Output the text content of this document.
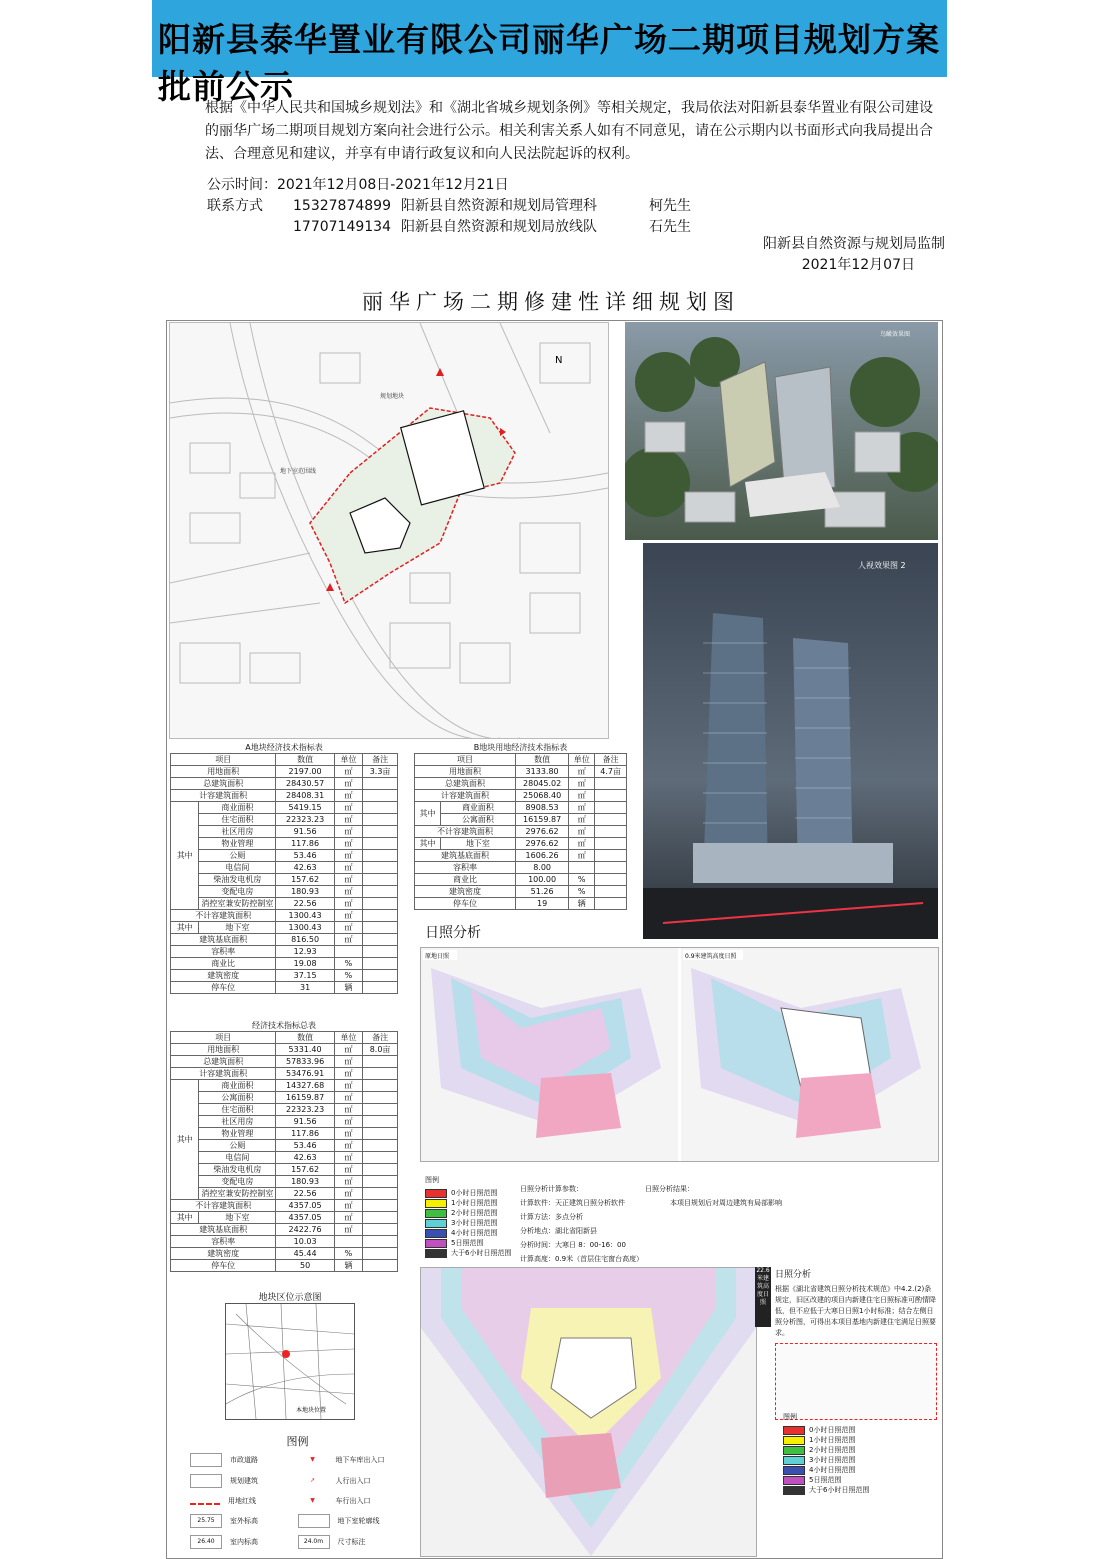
阳新县泰华置业有限公司丽华广场二期项目规划方案批前公示

根据《中华人民共和国城乡规划法》和《湖北省城乡规划条例》等相关规定，我局依法对阳新县泰华置业有限公司建设的丽华广场二期项目规划方案向社会进行公示。相关利害关系人如有不同意见，请在公示期内以书面形式向我局提出合法、合理意见和建议，并享有申请行政复议和向人民法院起诉的权利。

公示时间：2021年12月08日-2021年12月21日
联系方式 15327874899 阳新县自然资源和规划局管理科	柯先生
17707149134 阳新县自然资源和规划局放线队	石先生
阳新县自然资源与规划局监制
2021年12月07日
丽华广场二期修建性详细规划图
N
地下室范围线
规划地块
鸟瞰效果图
人视效果图 2
A地块经济技术指标表
项目		数值	单位	备注
用地面积		2197.00	㎡	3.3亩
总建筑面积		28430.57	㎡	
计容建筑面积		28408.31	㎡	
其中	商业面积	5419.15	㎡	
	住宅面积	22323.23	㎡	
	社区用房	91.56	㎡	
	物业管理	117.86	㎡	
	公厕	53.46	㎡	
	电信间	42.63	㎡	
	柴油发电机房	157.62	㎡	
	变配电房	180.93	㎡	
	消控室兼安防控制室	22.56	㎡	
不计容建筑面积		1300.43	㎡	
其中	地下室	1300.43	㎡	
建筑基底面积		816.50	㎡	
容积率		12.93		
商业比		19.08	%	
建筑密度		37.15	%	
停车位		31	辆	
B地块用地经济技术指标表
项目		数值	单位	备注
用地面积		3133.80	㎡	4.7亩
总建筑面积		28045.02	㎡	
计容建筑面积		25068.40	㎡	
其中	商业面积	8908.53	㎡	
	公寓面积	16159.87	㎡	
不计容建筑面积		2976.62	㎡	
其中	地下室	2976.62	㎡	
建筑基底面积		1606.26	㎡	
容积率		8.00		
商业比		100.00	%	
建筑密度		51.26	%	
停车位		19	辆	
经济技术指标总表
项目		数值	单位	备注
用地面积		5331.40	㎡	8.0亩
总建筑面积		57833.96	㎡	
计容建筑面积		53476.91	㎡	
其中	商业面积	14327.68	㎡	
	公寓面积	16159.87	㎡	
	住宅面积	22323.23	㎡	
	社区用房	91.56	㎡	
	物业管理	117.86	㎡	
	公厕	53.46	㎡	
	电信间	42.63	㎡	
	柴油发电机房	157.62	㎡	
	变配电房	180.93	㎡	
	消控室兼安防控制室	22.56	㎡	
不计容建筑面积		4357.05	㎡	
其中	地下室	4357.05	㎡	
建筑基底面积		2422.76	㎡	
容积率		10.03		
建筑密度		45.44	%	
停车位		50	辆	
地块区位示意图
本地块位置
图例
市政道路	▼	地下车库出入口
规划建筑	↗	人行出入口
用地红线	▼	车行出入口
25.75	室外标高	地下室轮廓线
26.40	室内标高	24.0m	尺寸标注
日照分析
原地日照	0.9米建筑高度日照
图例
0小时日照范围
1小时日照范围
2小时日照范围
3小时日照范围
4小时日照范围
5日照范围
大于6小时日照范围
日照分析计算参数：
计算软件：天正建筑日照分析软件
计算方法：多点分析
分析地点：湖北省阳新县
分析时间：大寒日 8：00-16：00
计算高度：0.9米（首层住宅窗台高度）
日照分析结果：
本项目规划后对周边建筑有局部影响
22.6米建筑高度日照
日照分析
根据《湖北省建筑日照分析技术规范》中4.2.(2)条规定，旧区改建的项目内新建住宅日照标准可酌情降低，但不应低于大寒日日照1小时标准；结合左侧日照分析图，可得出本项目基地内新建住宅满足日照要求。
图例
0小时日照范围
1小时日照范围
2小时日照范围
3小时日照范围
4小时日照范围
5日照范围
大于6小时日照范围
